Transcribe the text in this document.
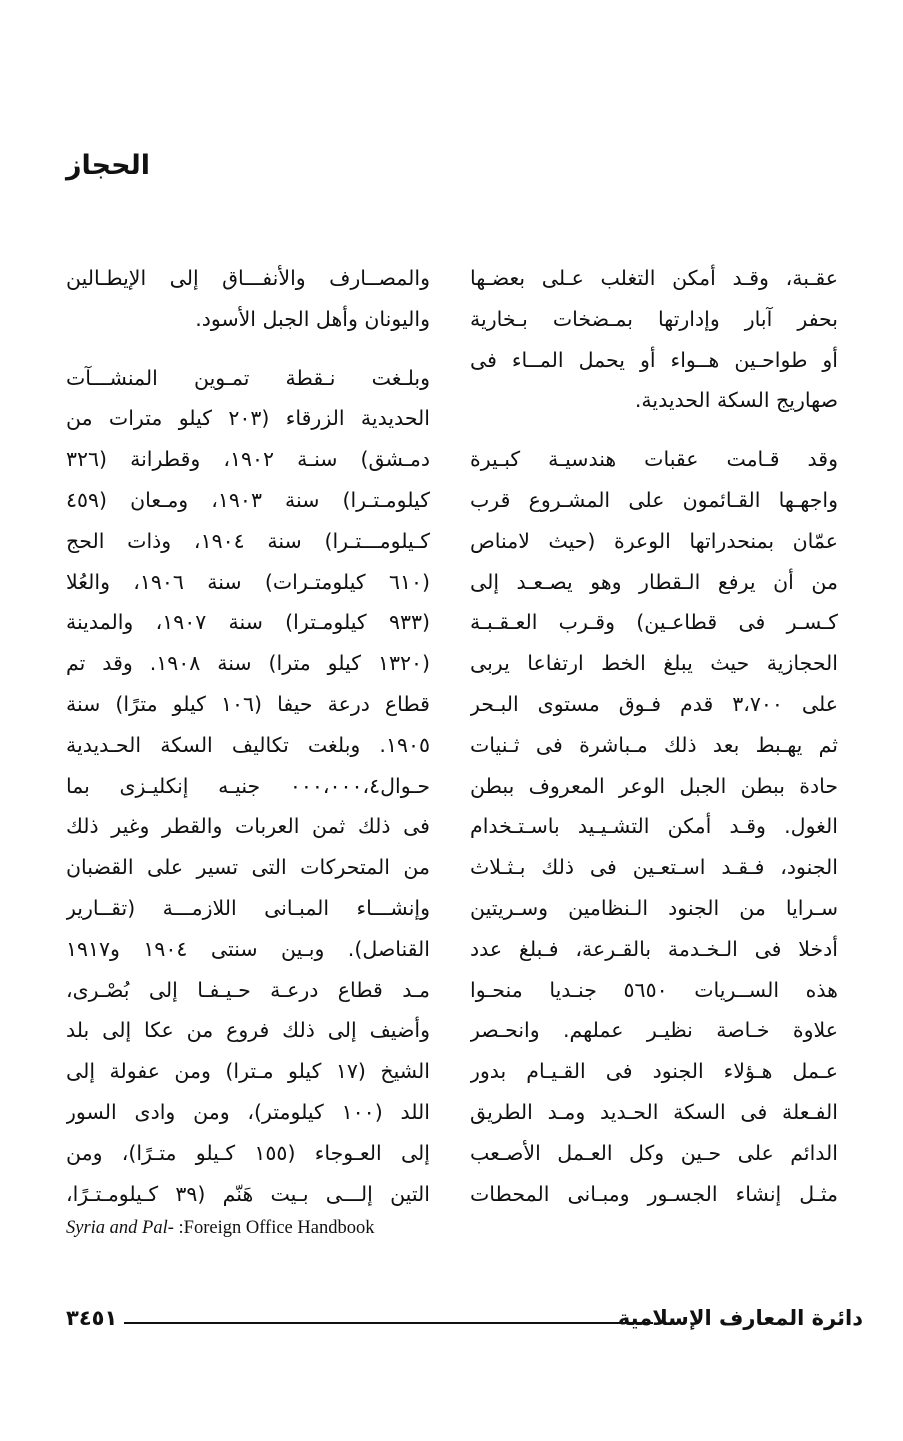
الحجاز
عقـبة، وقـد أمكن التغلب عـلى بعضـها
بحفر آبار وإدارتها بمـضخات بـخارية
أو طواحـين هــواء أو يحمل المــاء فى
صهاريج السكة الحديدية.
وقد قـامت عقبات هندسيـة كبـيرة
واجهـها القـائمون على المشـروع قرب
عمّان بمنحدراتها الوعرة (حيث لامناص
من أن يرفع الـقطار وهو يصـعـد إلى
كـسـر فى قطاعـين) وقـرب العـقـبـة
الحجازية حيث يبلغ الخط ارتفاعا يربى
على ٣،٧٠٠ قدم فـوق مستوى البـحر
ثم يهـبط بعد ذلك مـباشرة فى ثـنيات
حادة ببطن الجبل الوعر المعروف ببطن
الغول. وقـد أمكن التشـيـيد باسـتـخدام
الجنود، فـقـد اسـتعـين فى ذلك بـثـلاث
سـرايا من الجنود الـنظامين وسـريتين
أدخلا فى الـخـدمة بالقـرعة، فـبلغ عدد
هذه الســريات ٥٦٥٠ جنـديا منحـوا
علاوة خـاصة نظيـر عملهم. وانحـصر
عـمل هـؤلاء الجنود فى القـيـام بدور
الفـعلة فى السكة الحـديد ومـد الطريق
الدائم على حـين وكل العـمل الأصـعب
مثـل إنشاء الجسـور ومبـانى المحطات
والمصــارف والأنفـــاق إلى الإيطـالين
واليونان وأهل الجبل الأسود.
وبلـغت نـقطة تمـوين المنشـــآت
الحديدية الزرقاء (٢٠٣ كيلو مترات من
دمـشق) سنـة ١٩٠٢، وقطرانة (٣٢٦
كيلومـتـرا) سنة ١٩٠٣، ومـعان (٤٥٩
كـيلومـــتـرا) سنة ١٩٠٤، وذات الحج
(٦١٠ كيلومتـرات) سنة ١٩٠٦، والعُلا
(٩٣٣ كيلومـترا) سنة ١٩٠٧، والمدينة
(١٣٢٠ كيلو مترا) سنة ١٩٠٨. وقد تم
قطاع درعة حيفا (١٠٦ كيلو مترًا) سنة
١٩٠٥. وبلغت تكاليف السكة الحـديدية
حـوال٠٠٠،٠٠٠،٤ جنيـه إنكليـزى بما
فى ذلك ثمن العربات والقطر وغير ذلك
من المتحركات التى تسير على القضبان
وإنشـــاء المبـانى اللازمـــة (تقــارير
القناصل). وبـين سنتى ١٩٠٤ و١٩١٧
مـد قطاع درعـة حـيـفـا إلى بُصْـرى،
وأضيف إلى ذلك فروع من عكا إلى بلد
الشيخ (١٧ كيلو مـترا) ومن عفولة إلى
اللد (١٠٠ كيلومتر)، ومن وادى السور
إلى العـوجاء (١٥٥ كـيلو متـرًا)، ومن
التين إلـــى بـيت هَنّم (٣٩ كـيلومـتـرًا،
Syria and Pal- :Foreign Office Handbook
٣٤٥١	دائرة المعارف الإسلامية
